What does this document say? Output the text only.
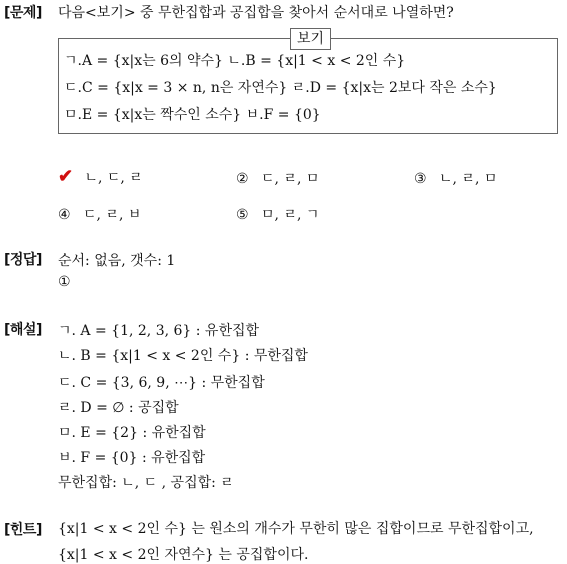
[문제] 다음<보기> 중 무한집합과 공집합을 찾아서 순서대로 나열하면?
보기
ㄱ.A = {x|x는 6의 약수} ㄴ.B = {x|1 < x < 2인 수}
ㄷ.C = {x|x = 3 × n, n은 자연수} ㄹ.D = {x|x는 2보다 작은 소수}
ㅁ.E = {x|x는 짝수인 소수} ㅂ.F = {0}
✔ ㄴ, ㄷ, ㄹ	② ㄷ, ㄹ, ㅁ	③ ㄴ, ㄹ, ㅁ
④ ㄷ, ㄹ, ㅂ	⑤ ㅁ, ㄹ, ㄱ
[정답] 순서: 없음, 갯수: 1
①
[해설] ㄱ. A = {1, 2, 3, 6} : 유한집합
ㄴ. B = {x|1 < x < 2인 수} : 무한집합
ㄷ. C = {3, 6, 9, ⋯} : 무한집합
ㄹ. D = ∅ : 공집합
ㅁ. E = {2} : 유한집합
ㅂ. F = {0} : 유한집합
무한집합: ㄴ, ㄷ , 공집합: ㄹ
[힌트] {x|1 < x < 2인 수} 는 원소의 개수가 무한히 많은 집합이므로 무한집합이고,
{x|1 < x < 2인 자연수} 는 공집합이다.
